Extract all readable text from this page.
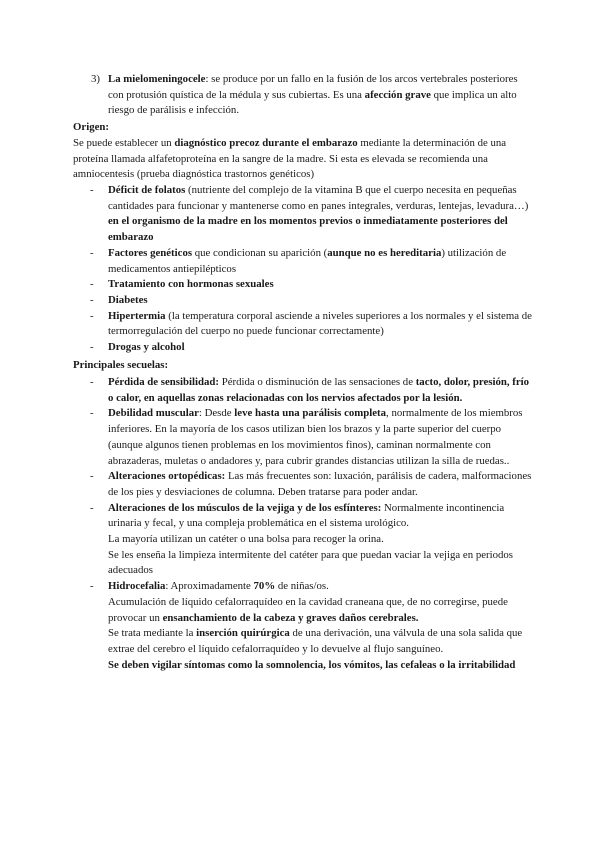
3) La mielomeningocele: se produce por un fallo en la fusión de los arcos vertebrales posteriores con protusión quística de la médula y sus cubiertas. Es una afección grave que implica un alto riesgo de parálisis e infección.

Origen:

Se puede establecer un diagnóstico precoz durante el embarazo mediante la determinación de una proteína llamada alfafetoproteína en la sangre de la madre. Si esta es elevada se recomienda una amniocentesis (prueba diagnóstica trastornos genéticos)

- Déficit de folatos (nutriente del complejo de la vitamina B que el cuerpo necesita en pequeñas cantidades para funcionar y mantenerse como en panes integrales, verduras, lentejas, levadura…) en el organismo de la madre en los momentos previos o inmediatamente posteriores del embarazo
- Factores genéticos que condicionan su aparición (aunque no es hereditaria) utilización de medicamentos antiepilépticos
- Tratamiento con hormonas sexuales
- Diabetes
- Hipertermia (la temperatura corporal asciende a niveles superiores a los normales y el sistema de termorregulación del cuerpo no puede funcionar correctamente)
- Drogas y alcohol

Principales secuelas:

- Pérdida de sensibilidad: Pérdida o disminución de las sensaciones de tacto, dolor, presión, frío o calor, en aquellas zonas relacionadas con los nervios afectados por la lesión.
- Debilidad muscular: Desde leve hasta una parálisis completa, normalmente de los miembros inferiores. En la mayoría de los casos utilizan bien los brazos y la parte superior del cuerpo (aunque algunos tienen problemas en los movimientos finos), caminan normalmente con abrazaderas, muletas o andadores y, para cubrir grandes distancias utilizan la silla de ruedas..
- Alteraciones ortopédicas: Las más frecuentes son: luxación, parálisis de cadera, malformaciones de los pies y desviaciones de columna. Deben tratarse para poder andar.
- Alteraciones de los músculos de la vejiga y de los esfínteres: Normalmente incontinencia urinaria y fecal, y una compleja problemática en el sistema urológico.

La mayoría utilizan un catéter o una bolsa para recoger la orina.

Se les enseña la limpieza intermitente del catéter para que puedan vaciar la vejiga en periodos adecuados

- Hidrocefalia: Aproximadamente 70% de niñas/os.

Acumulación de líquido cefalorraquídeo en la cavidad craneana que, de no corregirse, puede provocar un ensanchamiento de la cabeza y graves daños cerebrales.

Se trata mediante la inserción quirúrgica de una derivación, una válvula de una sola salida que extrae del cerebro el líquido cefalorraquídeo y lo devuelve al flujo sanguíneo.

Se deben vigilar síntomas como la somnolencia, los vómitos, las cefaleas o la irritabilidad
